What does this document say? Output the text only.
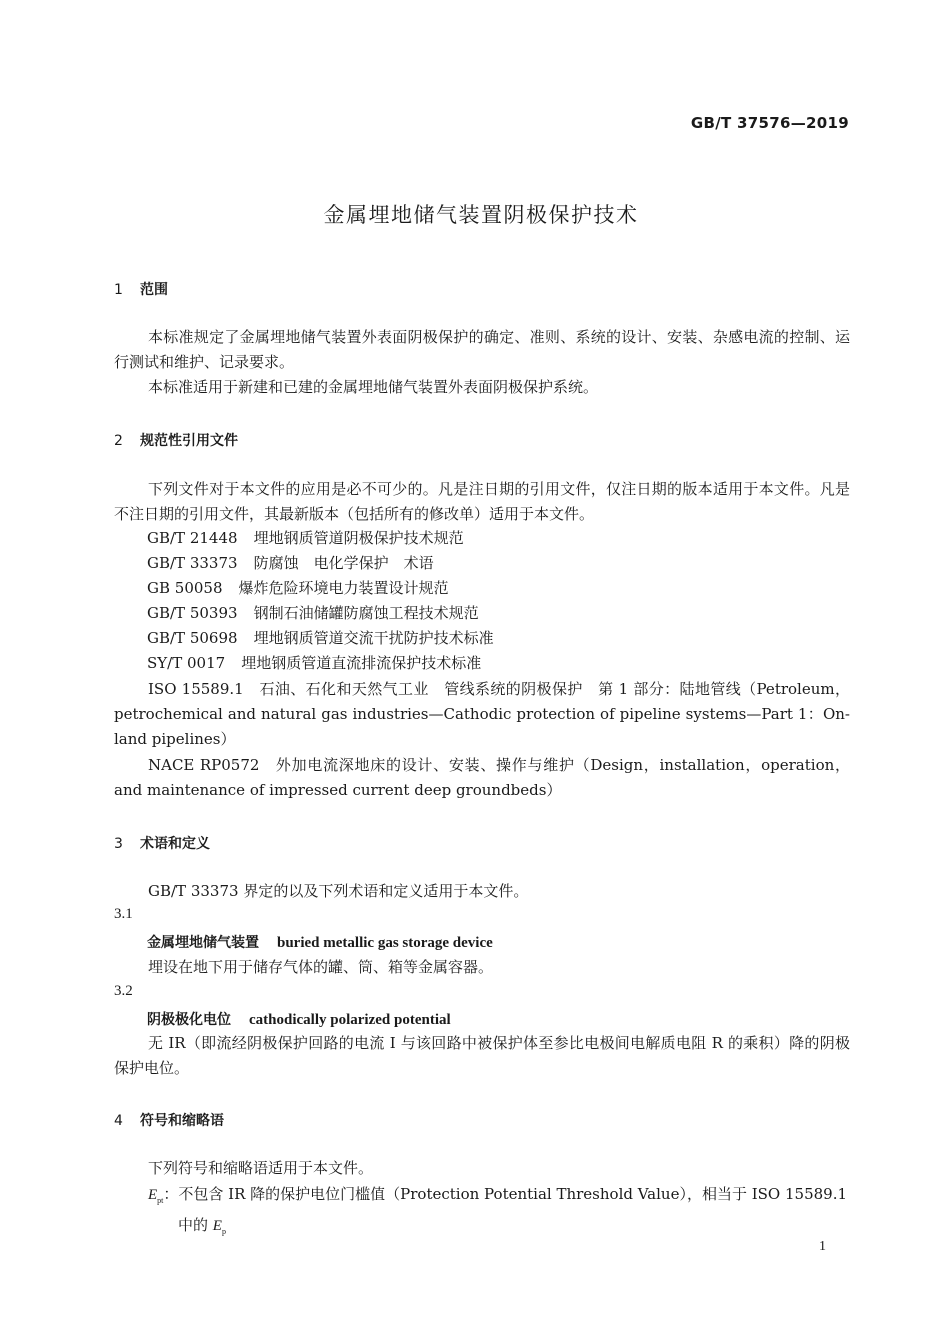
GB/T 37576—2019
金属埋地储气装置阴极保护技术
1 范围
本标准规定了金属埋地储气装置外表面阴极保护的确定、准则、系统的设计、安装、杂感电流的控制、运行测试和维护、记录要求。
本标准适用于新建和已建的金属埋地储气装置外表面阴极保护系统。
2 规范性引用文件
下列文件对于本文件的应用是必不可少的。凡是注日期的引用文件，仅注日期的版本适用于本文件。凡是不注日期的引用文件，其最新版本（包括所有的修改单）适用于本文件。
GB/T 21448 埋地钢质管道阴极保护技术规范
GB/T 33373 防腐蚀　电化学保护　术语
GB 50058 爆炸危险环境电力装置设计规范
GB/T 50393 钢制石油储罐防腐蚀工程技术规范
GB/T 50698 埋地钢质管道交流干扰防护技术标准
SY/T 0017 埋地钢质管道直流排流保护技术标准
ISO 15589.1　石油、石化和天然气工业　管线系统的阴极保护　第 1 部分：陆地管线（Petroleum，petrochemical and natural gas industries—Cathodic protection of pipeline systems—Part 1：On-land pipelines）
NACE RP0572　外加电流深地床的设计、安装、操作与维护（Design，installation，operation，and maintenance of impressed current deep groundbeds）
3 术语和定义
GB/T 33373 界定的以及下列术语和定义适用于本文件。
3.1
金属埋地储气装置 buried metallic gas storage device
埋设在地下用于储存气体的罐、筒、箱等金属容器。
3.2
阴极极化电位 cathodically polarized potential
无 IR（即流经阴极保护回路的电流 I 与该回路中被保护体至参比电极间电解质电阻 R 的乘积）降的阴极保护电位。
4 符号和缩略语
下列符号和缩略语适用于本文件。
$E_{pt}$：不包含 IR 降的保护电位门槛值（Protection Potential Threshold Value），相当于 ISO 15589.1
中的 $E_p$
1
